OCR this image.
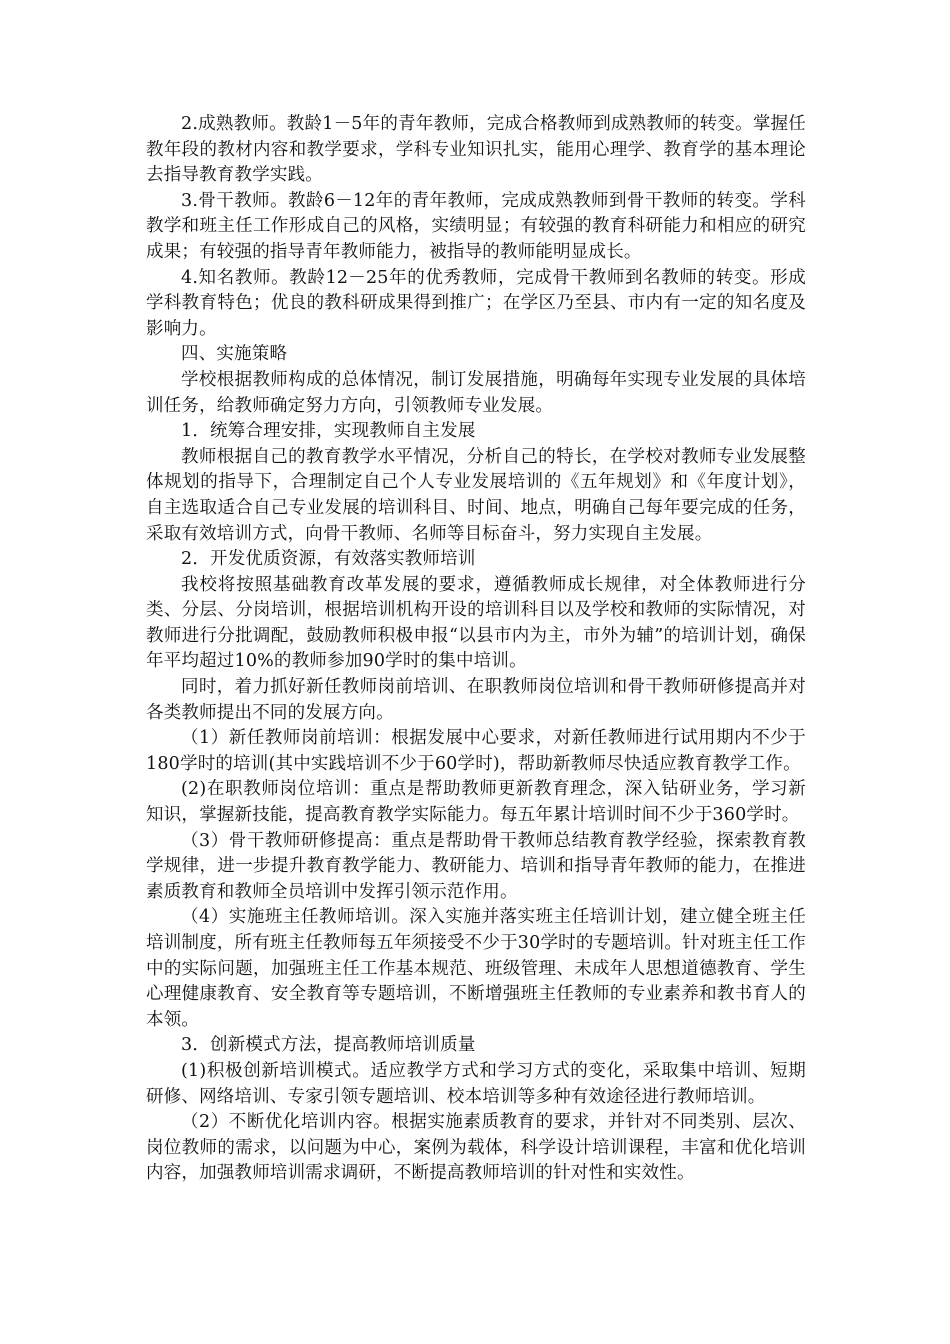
2.成熟教师。教龄1－5年的青年教师，完成合格教师到成熟教师的转变。掌握任教年段的教材内容和教学要求，学科专业知识扎实，能用心理学、教育学的基本理论去指导教育教学实践。

3.骨干教师。教龄6－12年的青年教师，完成成熟教师到骨干教师的转变。学科教学和班主任工作形成自己的风格，实绩明显；有较强的教育科研能力和相应的研究成果；有较强的指导青年教师能力，被指导的教师能明显成长。

4.知名教师。教龄12－25年的优秀教师，完成骨干教师到名教师的转变。形成学科教育特色；优良的教科研成果得到推广；在学区乃至县、市内有一定的知名度及影响力。

四、实施策略

学校根据教师构成的总体情况，制订发展措施，明确每年实现专业发展的具体培训任务，给教师确定努力方向，引领教师专业发展。

1．统筹合理安排，实现教师自主发展

教师根据自己的教育教学水平情况，分析自己的特长，在学校对教师专业发展整体规划的指导下，合理制定自己个人专业发展培训的《五年规划》和《年度计划》，自主选取适合自己专业发展的培训科目、时间、地点，明确自己每年要完成的任务，采取有效培训方式，向骨干教师、名师等目标奋斗，努力实现自主发展。

2．开发优质资源，有效落实教师培训

我校将按照基础教育改革发展的要求，遵循教师成长规律，对全体教师进行分类、分层、分岗培训，根据培训机构开设的培训科目以及学校和教师的实际情况，对教师进行分批调配，鼓励教师积极申报“以县市内为主，市外为辅”的培训计划，确保年平均超过10%的教师参加90学时的集中培训。

同时，着力抓好新任教师岗前培训、在职教师岗位培训和骨干教师研修提高并对各类教师提出不同的发展方向。

（1）新任教师岗前培训：根据发展中心要求，对新任教师进行试用期内不少于180学时的培训(其中实践培训不少于60学时)，帮助新教师尽快适应教育教学工作。

(2)在职教师岗位培训：重点是帮助教师更新教育理念，深入钻研业务，学习新知识，掌握新技能，提高教育教学实际能力。每五年累计培训时间不少于360学时。

（3）骨干教师研修提高：重点是帮助骨干教师总结教育教学经验，探索教育教学规律，进一步提升教育教学能力、教研能力、培训和指导青年教师的能力，在推进素质教育和教师全员培训中发挥引领示范作用。

（4）实施班主任教师培训。深入实施并落实班主任培训计划，建立健全班主任培训制度，所有班主任教师每五年须接受不少于30学时的专题培训。针对班主任工作中的实际问题，加强班主任工作基本规范、班级管理、未成年人思想道德教育、学生心理健康教育、安全教育等专题培训，不断增强班主任教师的专业素养和教书育人的本领。

3．创新模式方法，提高教师培训质量

(1)积极创新培训模式。适应教学方式和学习方式的变化，采取集中培训、短期研修、网络培训、专家引领专题培训、校本培训等多种有效途径进行教师培训。

（2）不断优化培训内容。根据实施素质教育的要求，并针对不同类别、层次、岗位教师的需求，以问题为中心，案例为载体，科学设计培训课程，丰富和优化培训内容，加强教师培训需求调研，不断提高教师培训的针对性和实效性。
